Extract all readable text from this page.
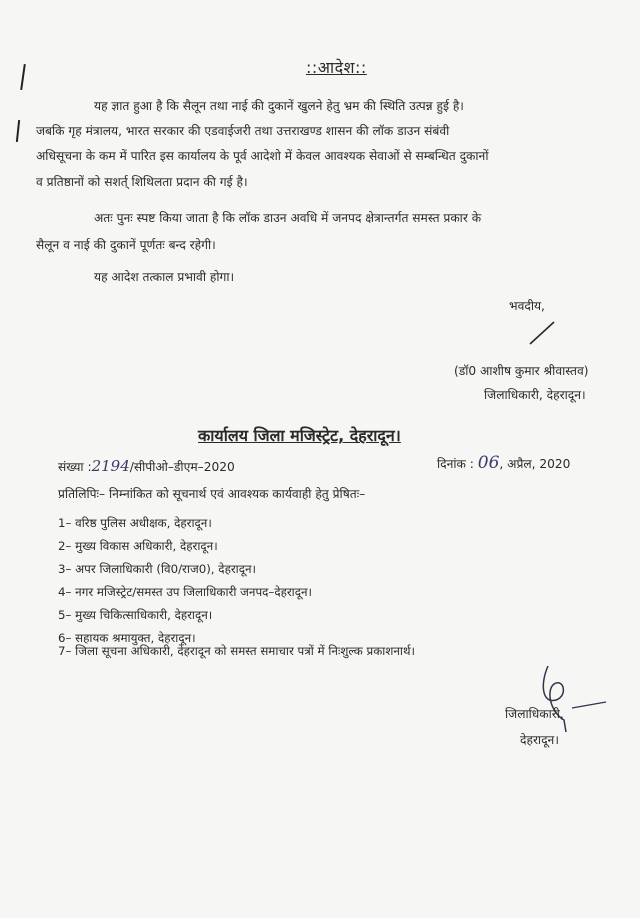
::आदेश::
यह ज्ञात हुआ है कि सैलून तथा नाई की दुकानें खुलने हेतु भ्रम की स्थिति उत्पन्न हुई है।
जबकि गृह मंत्रालय, भारत सरकार की एडवाईजरी तथा उत्तराखण्ड शासन की लॉक डाउन संबंवी
अधिसूचना के कम में पारित इस कार्यालय के पूर्व आदेशो में केवल आवश्यक सेवाओं से सम्बन्धित दुकानों
व प्रतिष्ठानों को सशर्त् शिथिलता प्रदान की गई है।
अतः पुनः स्पष्ट किया जाता है कि लॉक डाउन अवधि में जनपद क्षेत्रान्तर्गत समस्त प्रकार के
सैलून व नाई की दुकानें पूर्णतः बन्द रहेगी।
यह आदेश तत्काल प्रभावी होगा।
भवदीय,
(डॉ0 आशीष कुमार श्रीवास्तव)
जिलाधिकारी, देहरादून।
कार्यालय जिला मजिस्ट्रेट, देहरादून।
संख्या :2194/सीपीओ–डीएम–2020	दिनांक : 06, अप्रैल, 2020
प्रतिलिपिः– निम्नांकित को सूचनार्थ एवं आवश्यक कार्यवाही हेतु प्रेषितः–
1– वरिष्ठ पुलिस अधीक्षक, देहरादून।
2– मुख्य विकास अधिकारी, देहरादून।
3– अपर जिलाधिकारी (वि0/राज0), देहरादून।
4– नगर मजिस्ट्रेट/समस्त उप जिलाधिकारी जनपद–देहरादून।
5– मुख्य चिकित्साधिकारी, देहरादून।
6– सहायक श्रमायुक्त, देहरादून।
7– जिला सूचना अधिकारी, देहरादून को समस्त समाचार पत्रों में निःशुल्क प्रकाशनार्थ।
जिलाधिकारी,
देहरादून।
